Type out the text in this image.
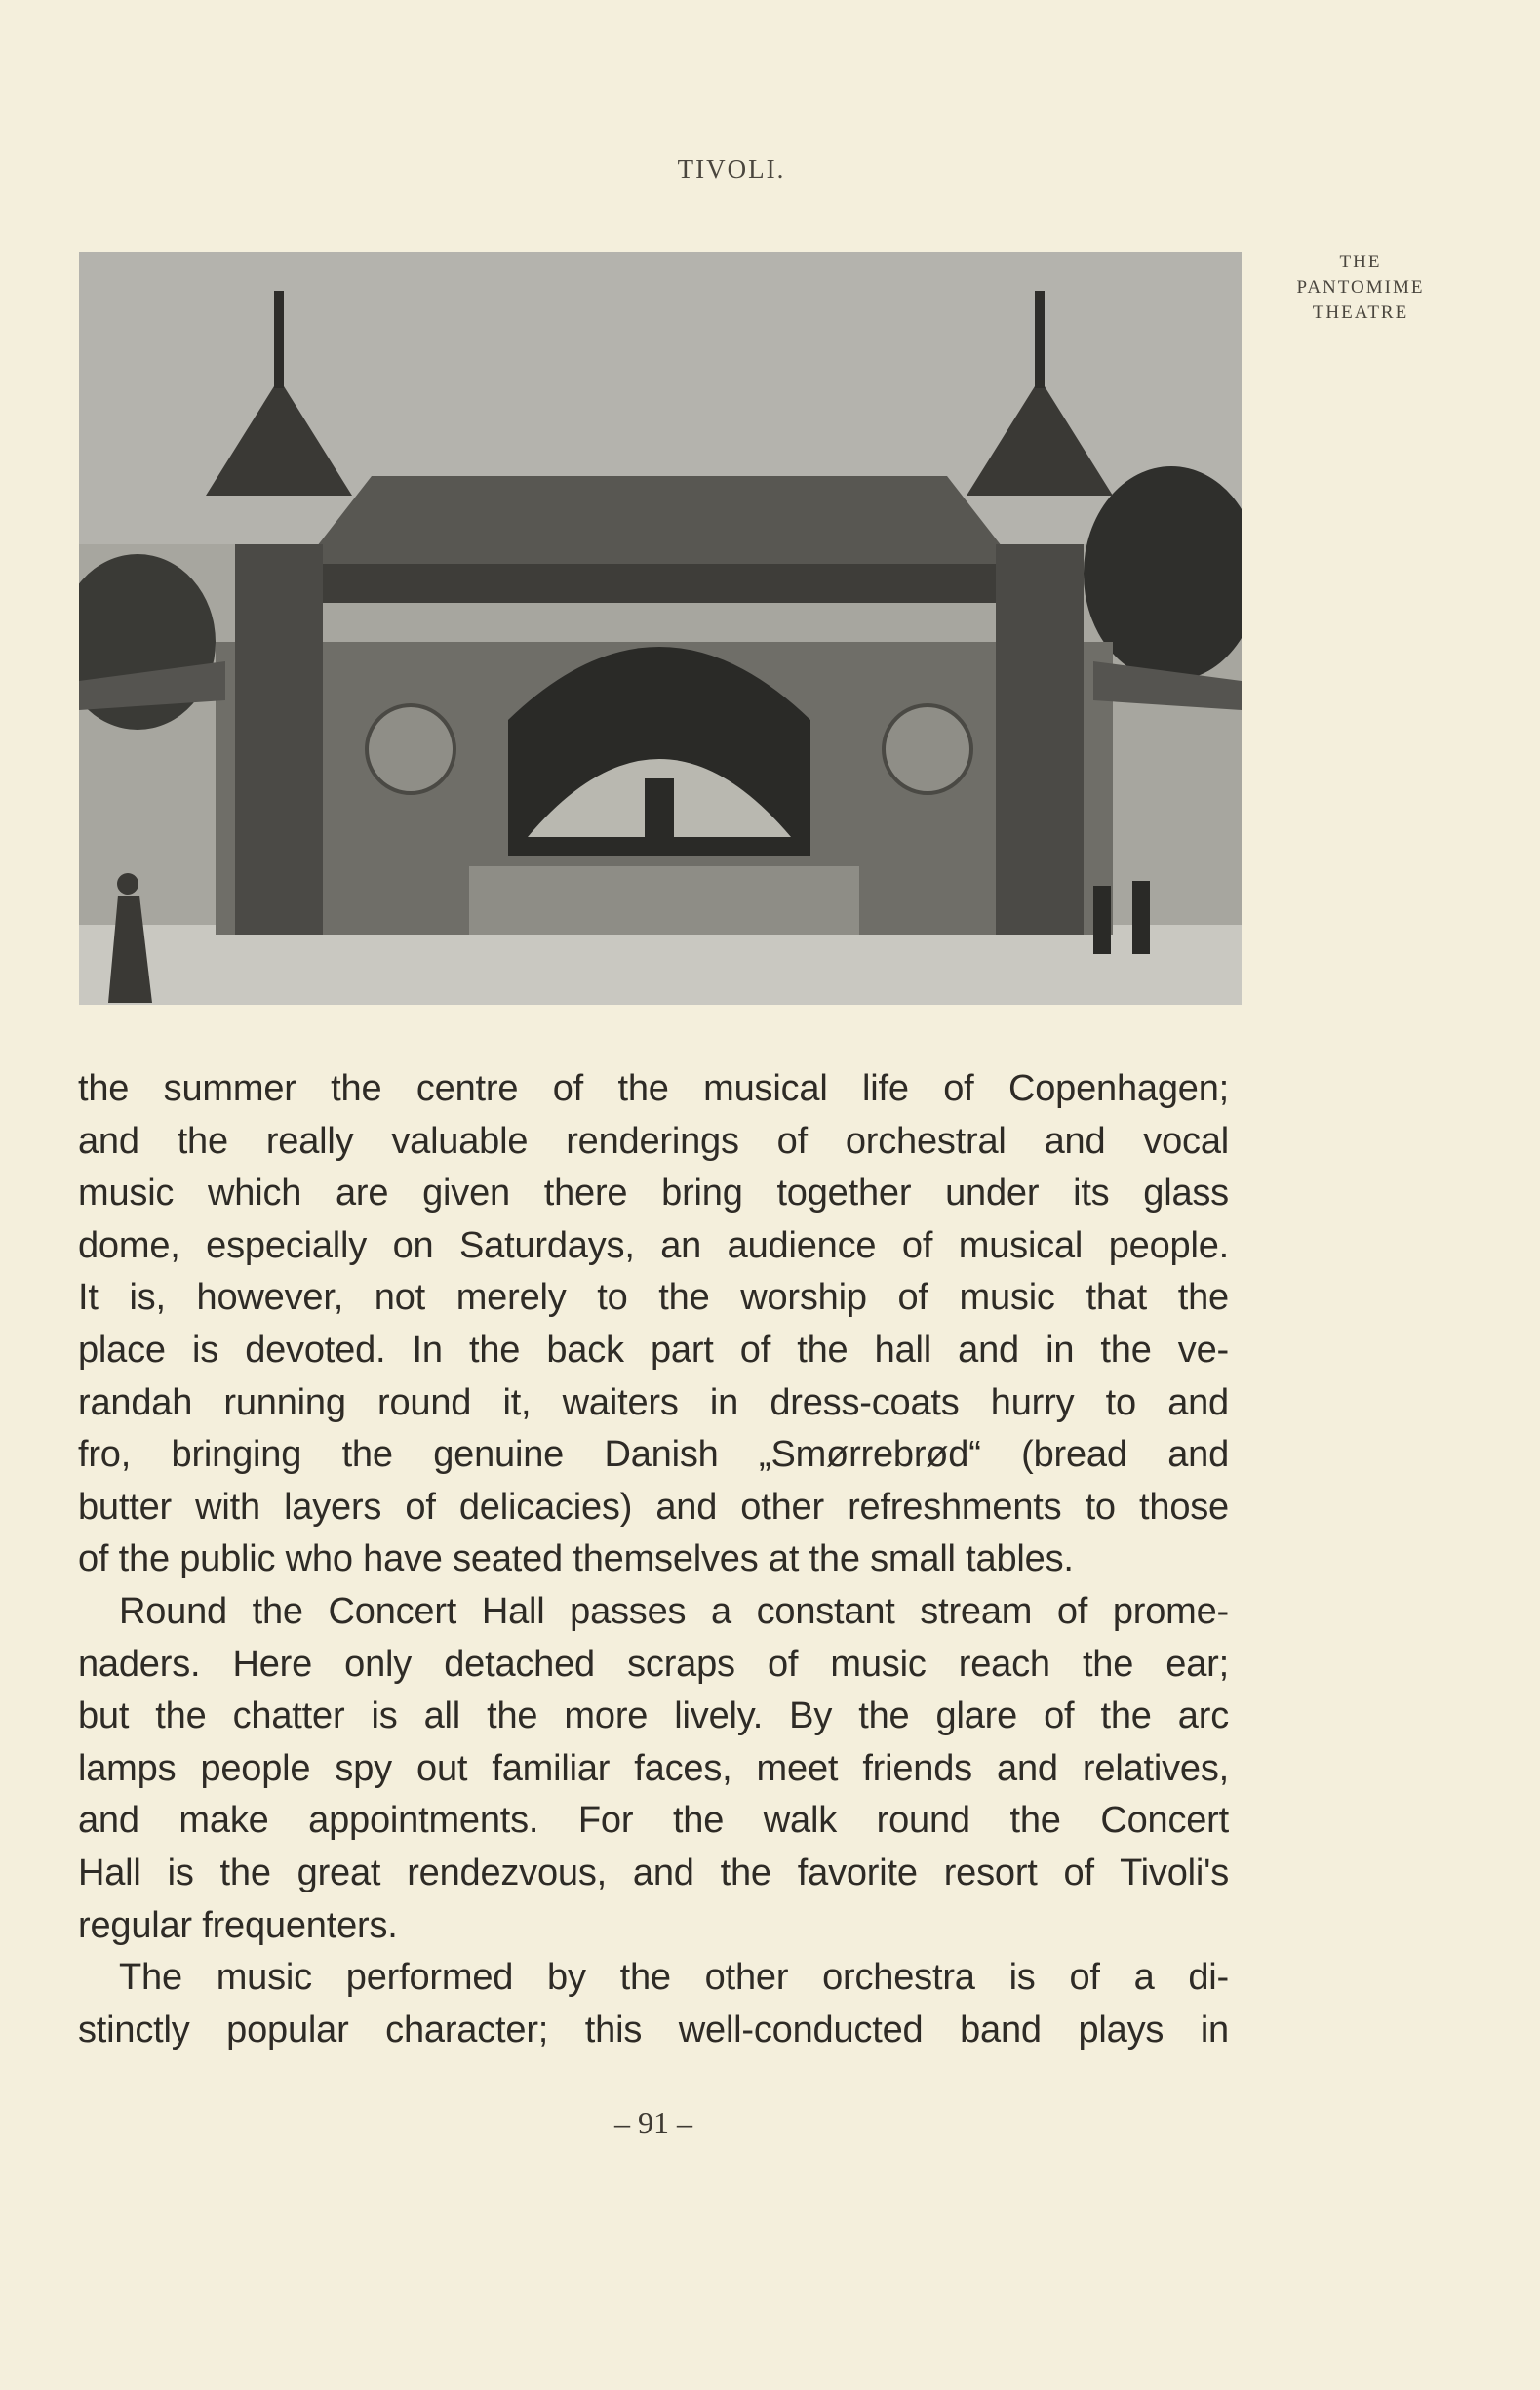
TIVOLI.
THE
PANTOMIME
THEATRE
the summer the centre of the musical life of Copenhagen;
and the really valuable renderings of orchestral and vocal
music which are given there bring together under its glass
dome, especially on Saturdays, an audience of musical people.
It is, however, not merely to the worship of music that the
place is devoted. In the back part of the hall and in the ve-
randah running round it, waiters in dress-coats hurry to and
fro, bringing the genuine Danish „Smørrebrød“ (bread and
butter with layers of delicacies) and other refreshments to those
of the public who have seated themselves at the small tables.
Round the Concert Hall passes a constant stream of prome-
naders. Here only detached scraps of music reach the ear;
but the chatter is all the more lively. By the glare of the arc
lamps people spy out familiar faces, meet friends and relatives,
and make appointments. For the walk round the Concert
Hall is the great rendezvous, and the favorite resort of Tivoli's
regular frequenters.
The music performed by the other orchestra is of a di-
stinctly popular character; this well-conducted band plays in
– 91 –
